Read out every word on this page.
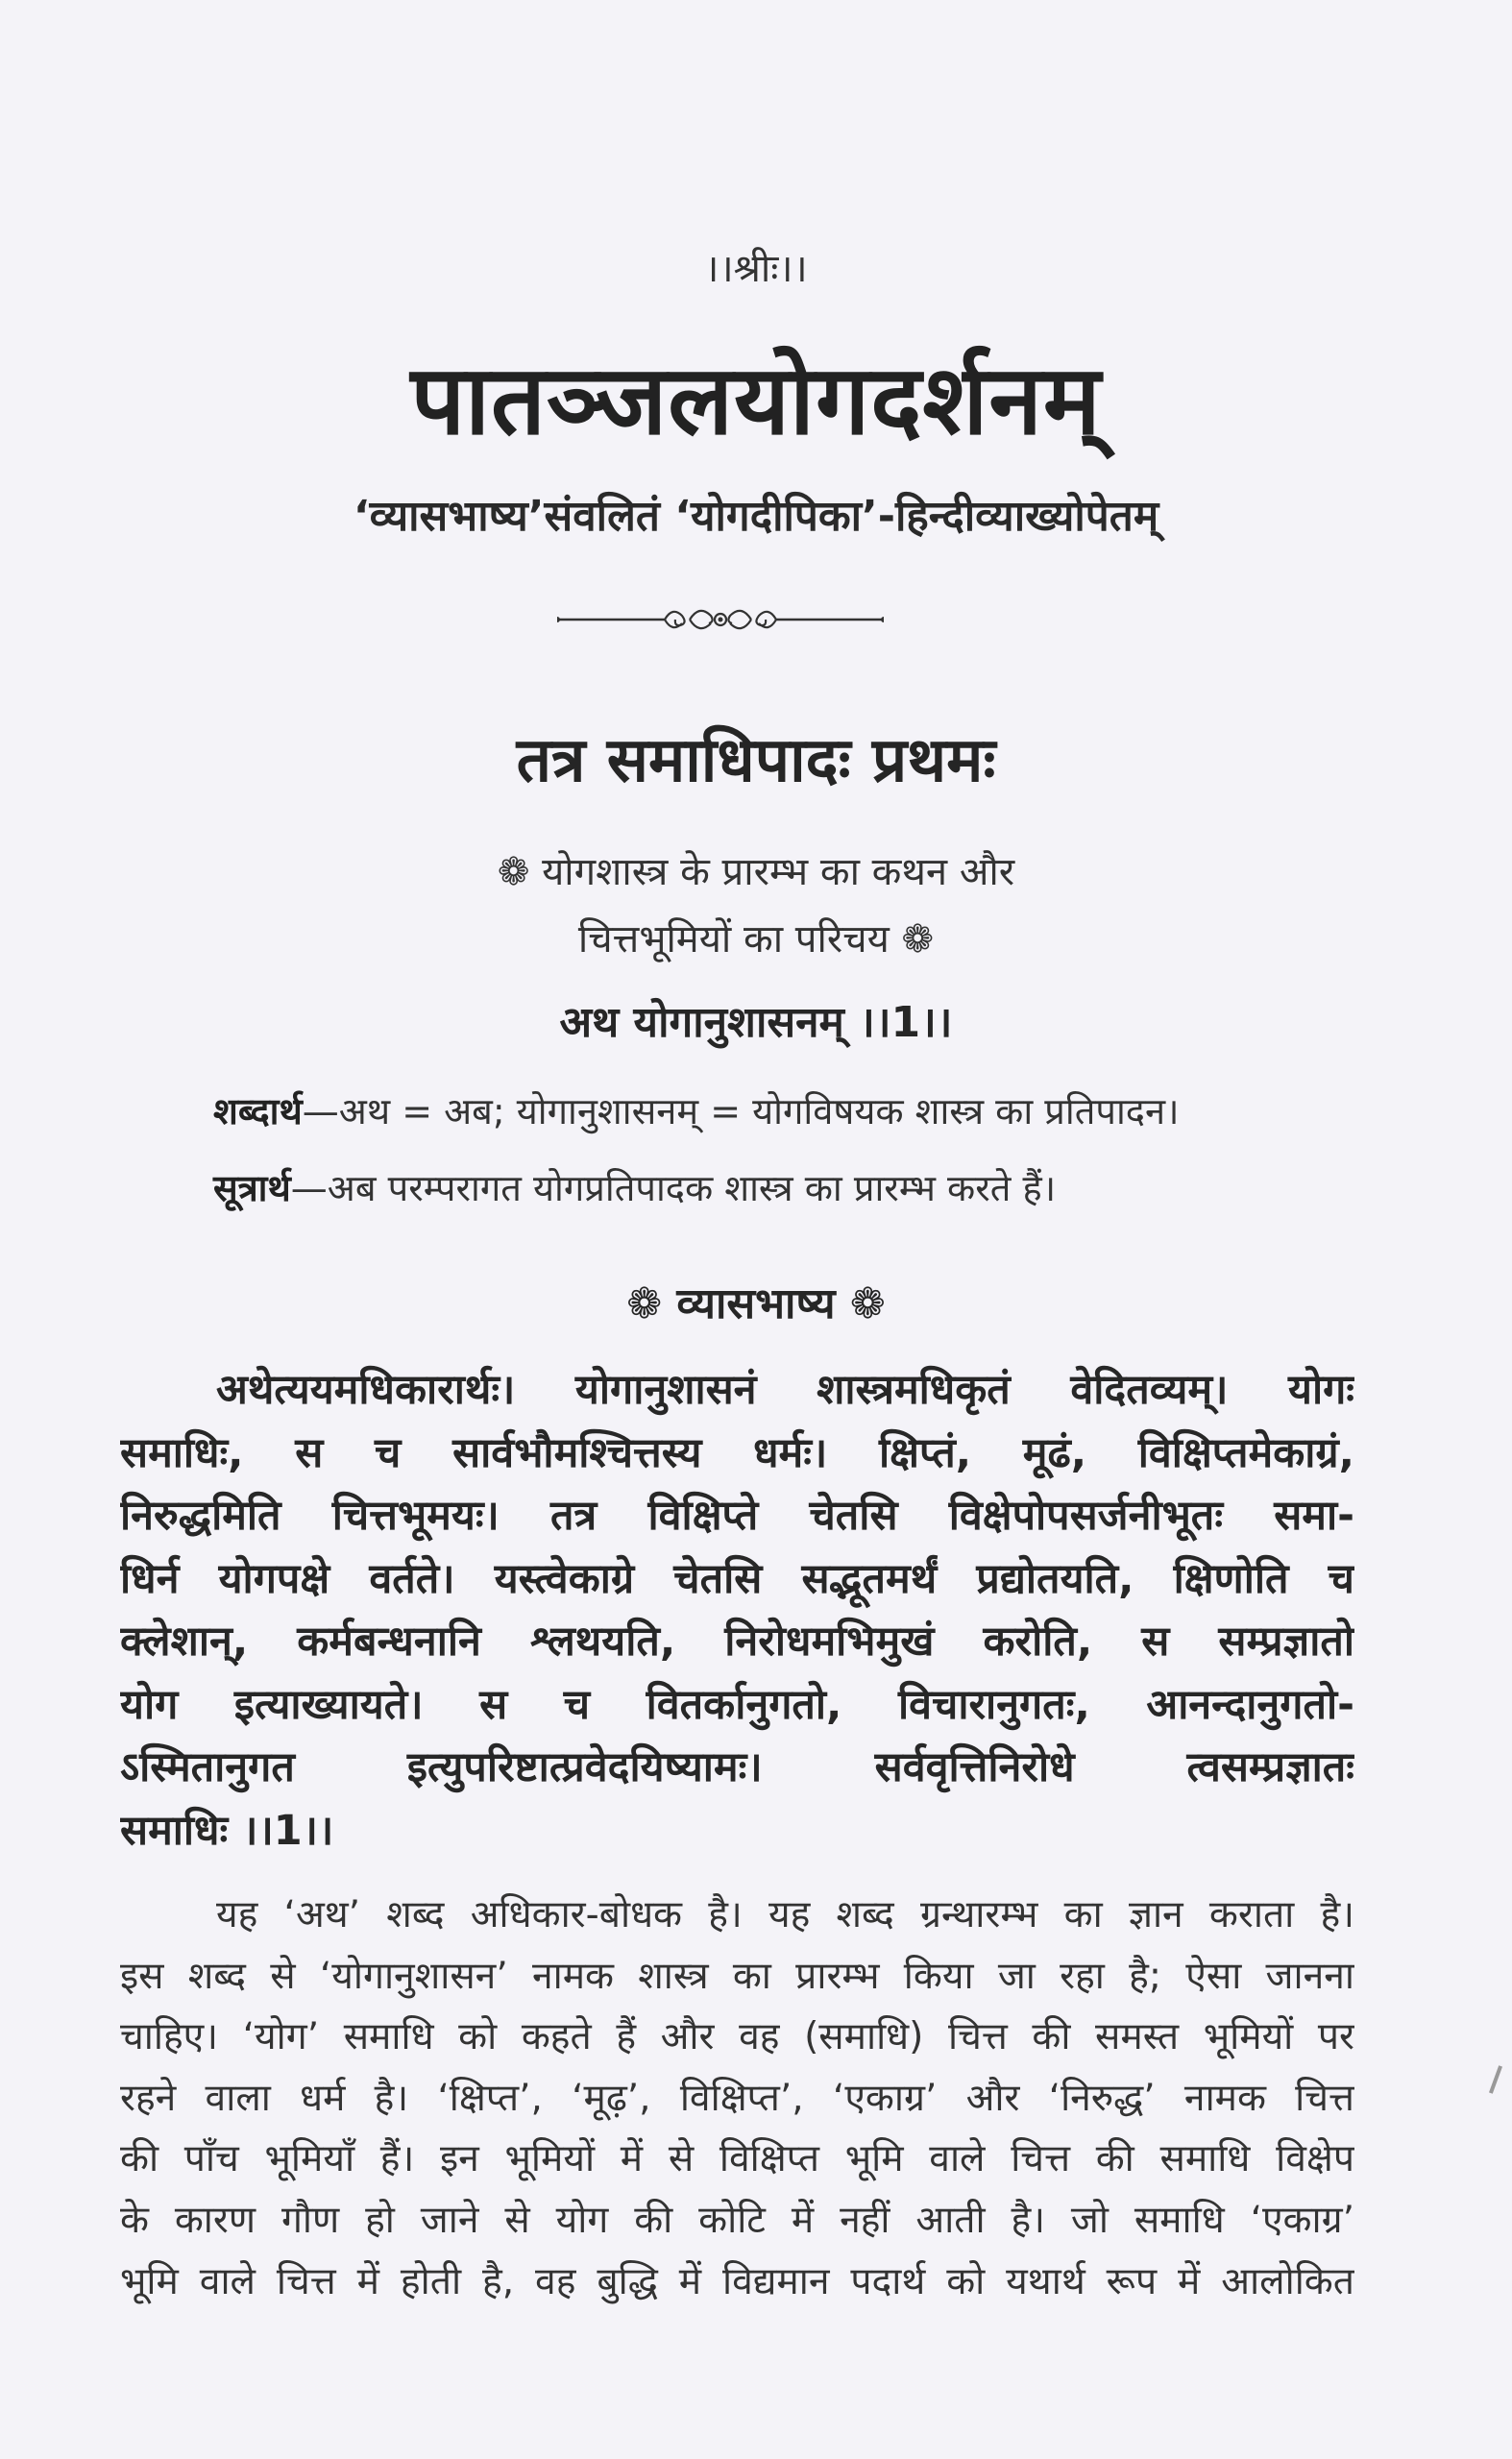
।।श्रीः।।
पातञ्जलयोगदर्शनम्
‘व्यासभाष्य’संवलितं ‘योगदीपिका’-हिन्दीव्याख्योपेतम्
तत्र समाधिपादः प्रथमः
❁ योगशास्त्र के प्रारम्भ का कथन और
चित्तभूमियों का परिचय ❁
अथ योगानुशासनम् ।।1।।
शब्दार्थ—अथ = अब; योगानुशासनम् = योगविषयक शास्त्र का प्रतिपादन।
सूत्रार्थ—अब परम्परागत योगप्रतिपादक शास्त्र का प्रारम्भ करते हैं।
❁ व्यासभाष्य ❁
अथेत्ययमधिकारार्थः। योगानुशासनं शास्त्रमधिकृतं वेदितव्यम्। योगः
समाधिः, स च सार्वभौमश्चित्तस्य धर्मः। क्षिप्तं, मूढं, विक्षिप्तमेकाग्रं,
निरुद्धमिति चित्तभूमयः। तत्र विक्षिप्ते चेतसि विक्षेपोपसर्जनीभूतः समा-
धिर्न योगपक्षे वर्तते। यस्त्वेकाग्रे चेतसि सद्भूतमर्थं प्रद्योतयति, क्षिणोति च
क्लेशान्, कर्मबन्धनानि श्लथयति, निरोधमभिमुखं करोति, स सम्प्रज्ञातो
योग इत्याख्यायते। स च वितर्कानुगतो, विचारानुगतः, आनन्दानुगतो-
ऽस्मितानुगत इत्युपरिष्टात्प्रवेदयिष्यामः। सर्ववृत्तिनिरोधे त्वसम्प्रज्ञातः
समाधिः ।।1।।
यह ‘अथ’ शब्द अधिकार-बोधक है। यह शब्द ग्रन्थारम्भ का ज्ञान कराता है।
इस शब्द से ‘योगानुशासन’ नामक शास्त्र का प्रारम्भ किया जा रहा है; ऐसा जानना
चाहिए। ‘योग’ समाधि को कहते हैं और वह (समाधि) चित्त की समस्त भूमियों पर
रहने वाला धर्म है। ‘क्षिप्त’, ‘मूढ़’, विक्षिप्त’, ‘एकाग्र’ और ‘निरुद्ध’ नामक चित्त
की पाँच भूमियाँ हैं। इन भूमियों में से विक्षिप्त भूमि वाले चित्त की समाधि विक्षेप
के कारण गौण हो जाने से योग की कोटि में नहीं आती है। जो समाधि ‘एकाग्र’
भूमि वाले चित्त में होती है, वह बुद्धि में विद्यमान पदार्थ को यथार्थ रूप में आलोकित
